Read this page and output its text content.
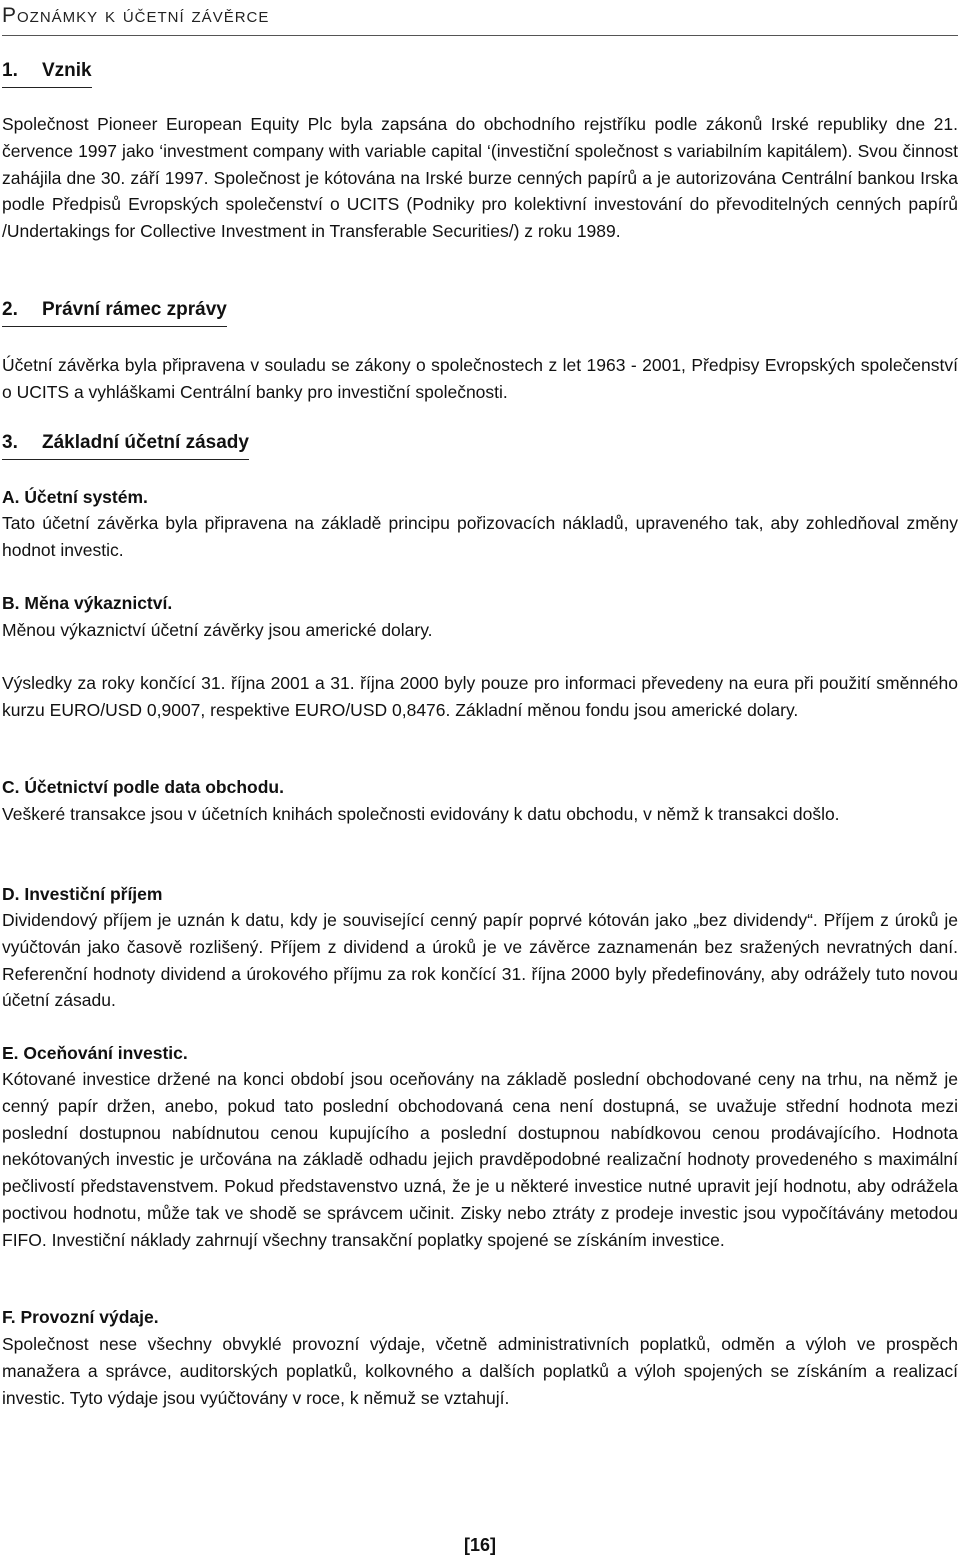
Poznámky k účetní závěrce
1. Vznik

Společnost Pioneer European Equity Plc byla zapsána do obchodního rejstříku podle zákonů Irské republiky dne 21. července 1997 jako ‘investment company with variable capital ‘(investiční společnost s variabilním kapitálem). Svou činnost zahájila dne 30. září 1997. Společnost je kótována na Irské burze cenných papírů a je autorizována Centrální bankou Irska podle Předpisů Evropských společenství o UCITS (Podniky pro kolektivní investování do převoditelných cenných papírů /Undertakings for Collective Investment in Transferable Securities/) z roku 1989.

2. Právní rámec zprávy

Účetní závěrka byla připravena v souladu se zákony o společnostech z let 1963 - 2001, Předpisy Evropských společenství o UCITS a vyhláškami Centrální banky pro investiční společnosti.

3. Základní účetní zásady
A. Účetní systém.

Tato účetní závěrka byla připravena na základě principu pořizovacích nákladů, upraveného tak, aby zohledňoval změny hodnot investic.

B. Měna výkaznictví.

Měnou výkaznictví účetní závěrky jsou americké dolary.

Výsledky za roky končící 31. října 2001 a 31. října 2000 byly pouze pro informaci převedeny na eura při použití směnného kurzu EURO/USD 0,9007, respektive EURO/USD 0,8476. Základní měnou fondu jsou americké dolary.

C. Účetnictví podle data obchodu.

Veškeré transakce jsou v účetních knihách společnosti evidovány k datu obchodu, v němž k transakci došlo.

D. Investiční příjem

Dividendový příjem je uznán k datu, kdy je související cenný papír poprvé kótován jako „bez dividendy“. Příjem z úroků je vyúčtován jako časově rozlišený. Příjem z dividend a úroků je ve závěrce zaznamenán bez sražených nevratných daní. Referenční hodnoty dividend a úrokového příjmu za rok končící 31. října 2000 byly předefinovány, aby odrážely tuto novou účetní zásadu.

E. Oceňování investic.

Kótované investice držené na konci období jsou oceňovány na základě poslední obchodované ceny na trhu, na němž je cenný papír držen, anebo, pokud tato poslední obchodovaná cena není dostupná, se uvažuje střední hodnota mezi poslední dostupnou nabídnutou cenou kupujícího a poslední dostupnou nabídkovou cenou prodávajícího. Hodnota nekótovaných investic je určována na základě odhadu jejich pravděpodobné realizační hodnoty provedeného s maximální pečlivostí představenstvem. Pokud představenstvo uzná, že je u některé investice nutné upravit její hodnotu, aby odrážela poctivou hodnotu, může tak ve shodě se správcem učinit. Zisky nebo ztráty z prodeje investic jsou vypočítávány metodou FIFO. Investiční náklady zahrnují všechny transakční poplatky spojené se získáním investice.

F. Provozní výdaje.

Společnost nese všechny obvyklé provozní výdaje, včetně administrativních poplatků, odměn a výloh ve prospěch manažera a správce, auditorských poplatků, kolkovného a dalších poplatků a výloh spojených se získáním a realizací investic. Tyto výdaje jsou vyúčtovány v roce, k němuž se vztahují.

[16]
